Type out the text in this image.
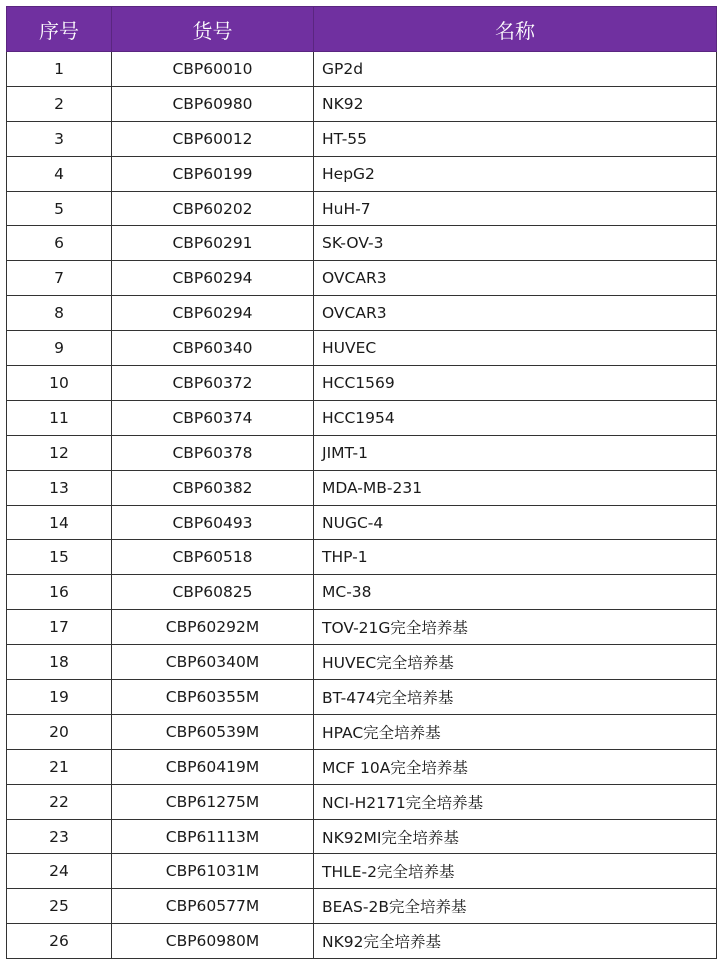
序号	货号	名称
1	CBP60010	GP2d
2	CBP60980	NK92
3	CBP60012	HT-55
4	CBP60199	HepG2
5	CBP60202	HuH-7
6	CBP60291	SK-OV-3
7	CBP60294	OVCAR3
8	CBP60294	OVCAR3
9	CBP60340	HUVEC
10	CBP60372	HCC1569
11	CBP60374	HCC1954
12	CBP60378	JIMT-1
13	CBP60382	MDA-MB-231
14	CBP60493	NUGC-4
15	CBP60518	THP-1
16	CBP60825	MC-38
17	CBP60292M	TOV-21G完全培养基
18	CBP60340M	HUVEC完全培养基
19	CBP60355M	BT-474完全培养基
20	CBP60539M	HPAC完全培养基
21	CBP60419M	MCF 10A完全培养基
22	CBP61275M	NCI-H2171完全培养基
23	CBP61113M	NK92MI完全培养基
24	CBP61031M	THLE-2完全培养基
25	CBP60577M	BEAS-2B完全培养基
26	CBP60980M	NK92完全培养基
